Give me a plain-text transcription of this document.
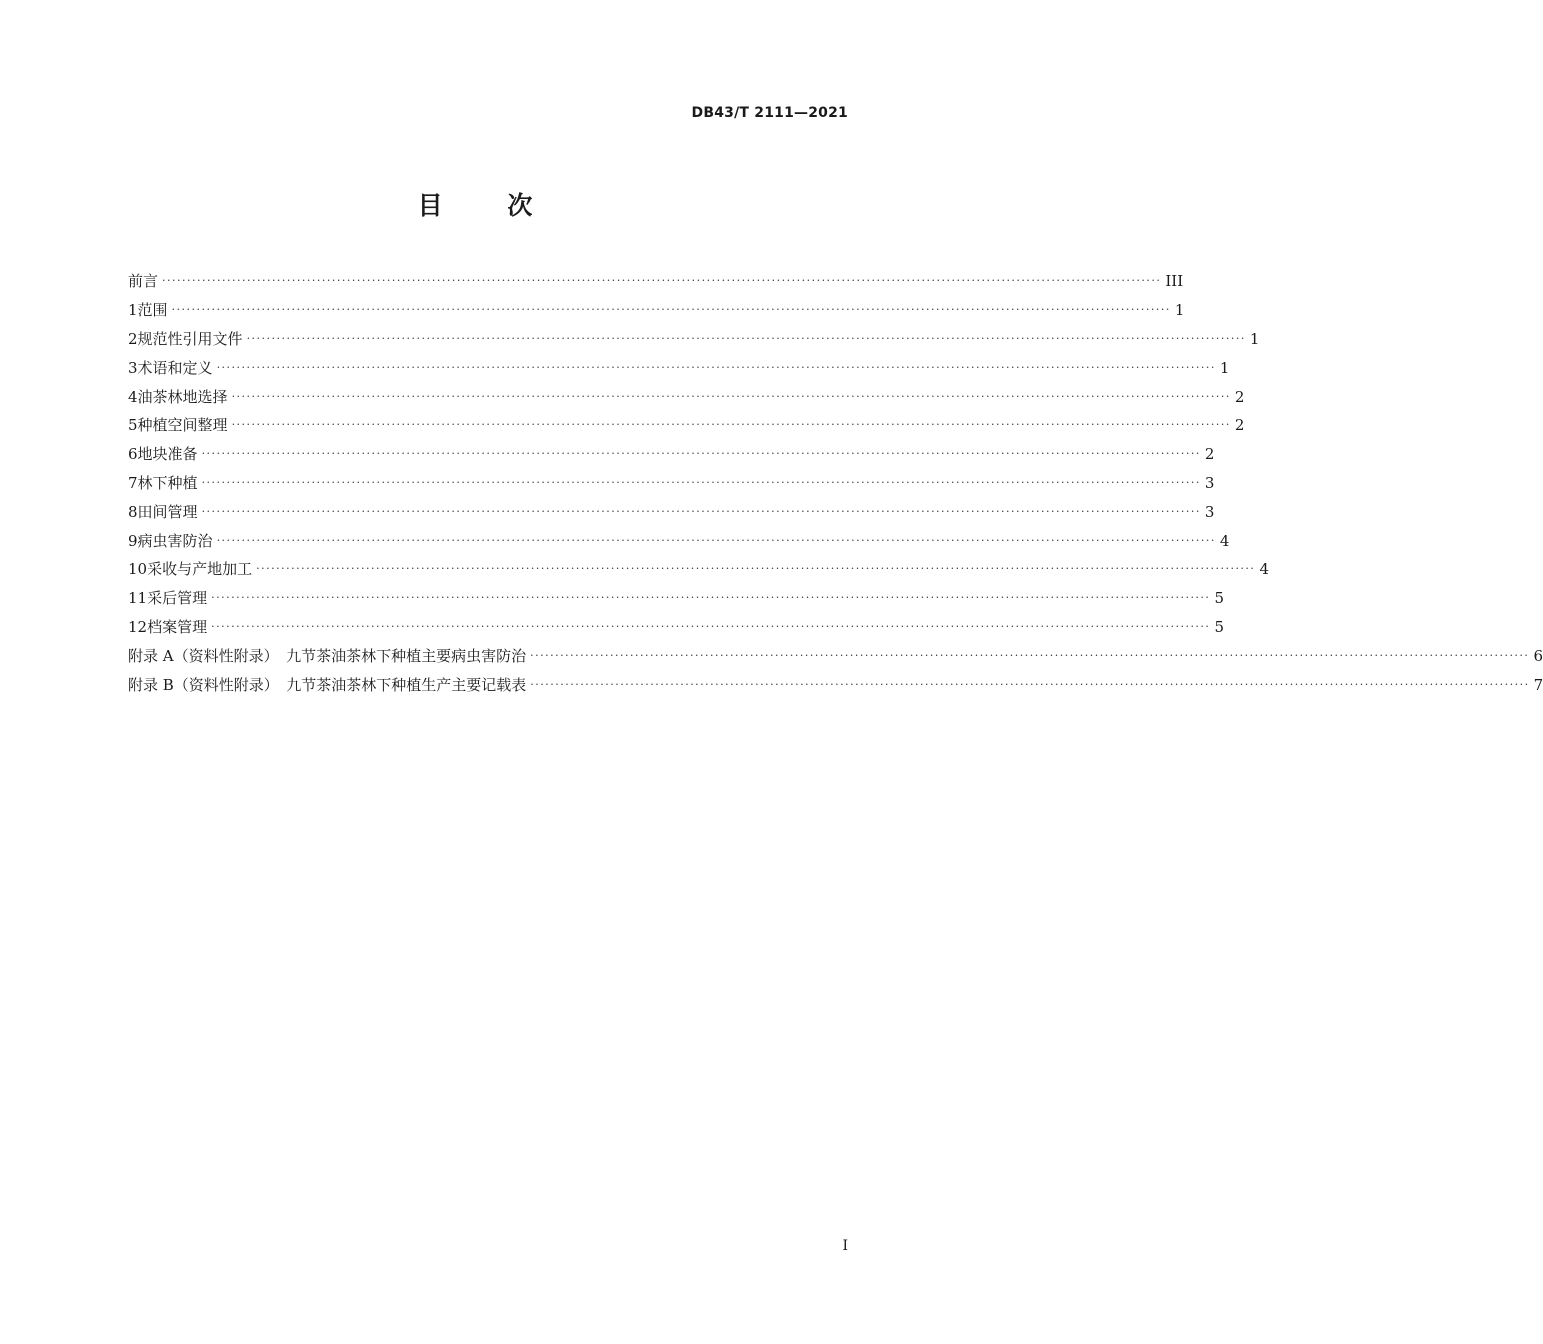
DB43/T 2111—2021
目	次
前言 ········································································································································································································ III
1 范围 ········································································································································································································ 1
2 规范性引用文件 ········································································································································································································ 1
3 术语和定义 ········································································································································································································ 1
4 油茶林地选择 ········································································································································································································ 2
5 种植空间整理 ········································································································································································································ 2
6 地块准备 ········································································································································································································ 2
7 林下种植 ········································································································································································································ 3
8 田间管理 ········································································································································································································ 3
9 病虫害防治 ········································································································································································································ 4
10 采收与产地加工 ········································································································································································································ 4
11 采后管理 ········································································································································································································ 5
12 档案管理 ········································································································································································································ 5
附录 A（资料性附录）　九节茶油茶林下种植主要病虫害防治 ········································································································································································································ 6
附录 B（资料性附录）　九节茶油茶林下种植生产主要记载表 ········································································································································································································ 7
I
